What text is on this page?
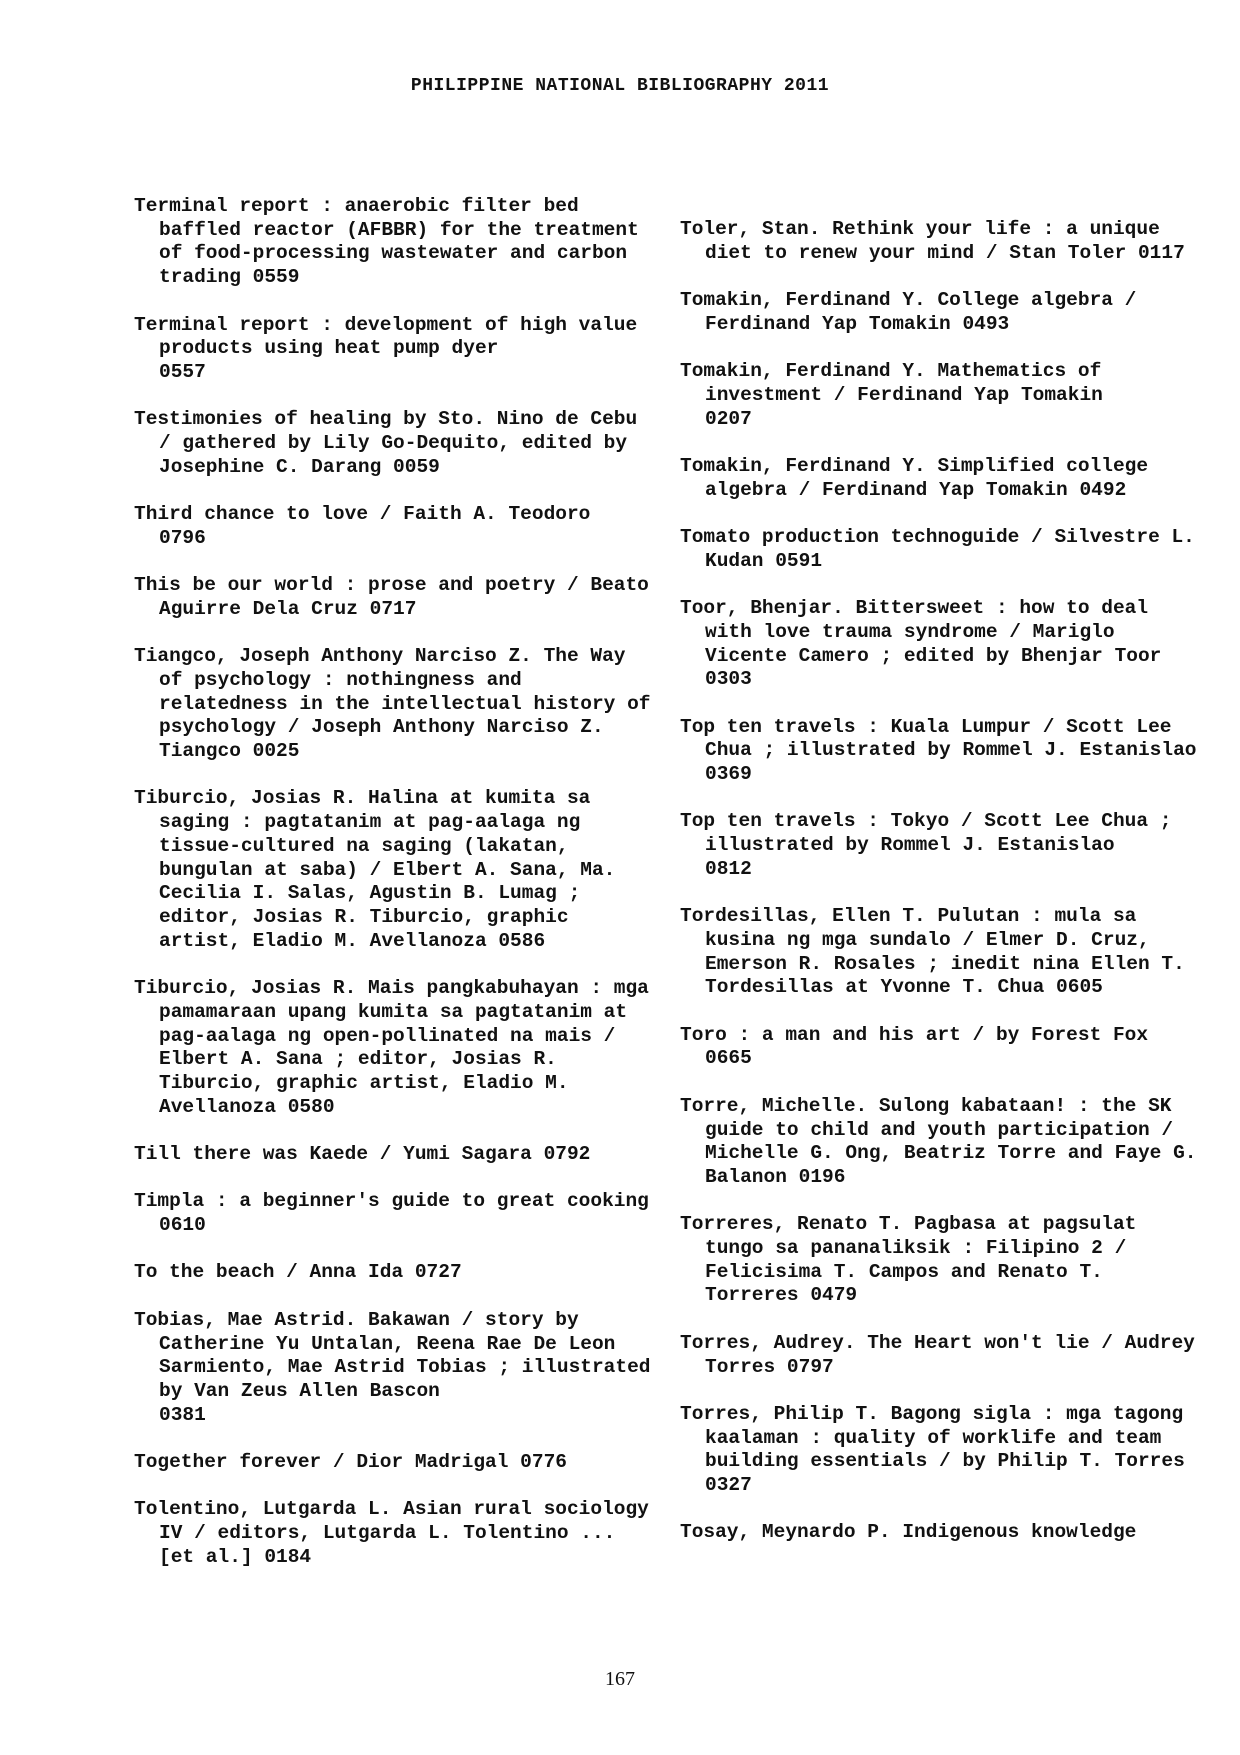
PHILIPPINE NATIONAL BIBLIOGRAPHY 2011

Terminal report : anaerobic filter bed baffled reactor (AFBBR) for the treatment of food-processing wastewater and carbon trading 0559

Terminal report : development of high value products using heat pump dyer
0557

Testimonies of healing by Sto. Nino de Cebu / gathered by Lily Go-Dequito, edited by Josephine C. Darang 0059

Third chance to love / Faith A. Teodoro
0796

This be our world : prose and poetry / Beato Aguirre Dela Cruz 0717

Tiangco, Joseph Anthony Narciso Z. The Way of psychology : nothingness and relatedness in the intellectual history of psychology / Joseph Anthony Narciso Z. Tiangco 0025

Tiburcio, Josias R. Halina at kumita sa saging : pagtatanim at pag-aalaga ng tissue-cultured na saging (lakatan, bungulan at saba) / Elbert A. Sana, Ma. Cecilia I. Salas, Agustin B. Lumag ; editor, Josias R. Tiburcio, graphic artist, Eladio M. Avellanoza 0586

Tiburcio, Josias R. Mais pangkabuhayan : mga pamamaraan upang kumita sa pagtatanim at pag-aalaga ng open-pollinated na mais / Elbert A. Sana ; editor, Josias R. Tiburcio, graphic artist, Eladio M. Avellanoza 0580

Till there was Kaede / Yumi Sagara 0792

Timpla : a beginner's guide to great cooking 0610

To the beach / Anna Ida 0727

Tobias, Mae Astrid. Bakawan / story by Catherine Yu Untalan, Reena Rae De Leon Sarmiento, Mae Astrid Tobias ; illustrated by Van Zeus Allen Bascon
0381

Together forever / Dior Madrigal 0776

Tolentino, Lutgarda L. Asian rural sociology IV / editors, Lutgarda L. Tolentino ... [et al.] 0184

Toler, Stan. Rethink your life : a unique diet to renew your mind / Stan Toler 0117

Tomakin, Ferdinand Y. College algebra / Ferdinand Yap Tomakin 0493

Tomakin, Ferdinand Y. Mathematics of investment / Ferdinand Yap Tomakin
0207

Tomakin, Ferdinand Y. Simplified college algebra / Ferdinand Yap Tomakin 0492

Tomato production technoguide / Silvestre L. Kudan 0591

Toor, Bhenjar. Bittersweet : how to deal with love trauma syndrome / Mariglo Vicente Camero ; edited by Bhenjar Toor 0303

Top ten travels : Kuala Lumpur / Scott Lee Chua ; illustrated by Rommel J. Estanislao 0369

Top ten travels : Tokyo / Scott Lee Chua ; illustrated by Rommel J. Estanislao
0812

Tordesillas, Ellen T. Pulutan : mula sa kusina ng mga sundalo / Elmer D. Cruz, Emerson R. Rosales ; inedit nina Ellen T. Tordesillas at Yvonne T. Chua 0605

Toro : a man and his art / by Forest Fox
0665

Torre, Michelle. Sulong kabataan! : the SK guide to child and youth participation / Michelle G. Ong, Beatriz Torre and Faye G. Balanon 0196

Torreres, Renato T. Pagbasa at pagsulat tungo sa pananaliksik : Filipino 2 / Felicisima T. Campos and Renato T. Torreres 0479

Torres, Audrey. The Heart won't lie / Audrey Torres 0797

Torres, Philip T. Bagong sigla : mga tagong kaalaman : quality of worklife and team building essentials / by Philip T. Torres 0327

Tosay, Meynardo P. Indigenous knowledge

167
